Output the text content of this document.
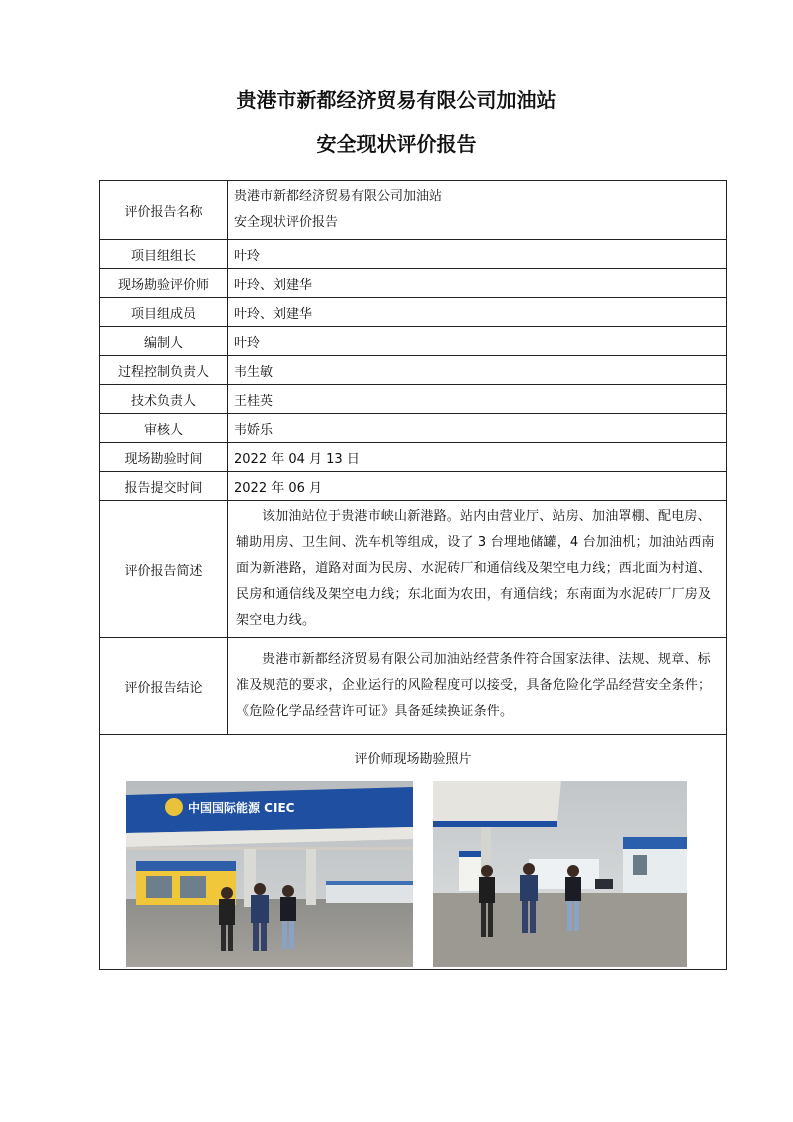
贵港市新都经济贸易有限公司加油站
安全现状评价报告
评价报告名称	贵港市新都经济贸易有限公司加油站
安全现状评价报告

项目组组长	叶玲
现场勘验评价师	叶玲、刘建华
项目组成员	叶玲、刘建华
编制人	叶玲
过程控制负责人	韦生敏
技术负责人	王桂英
审核人	韦娇乐
现场勘验时间	2022 年 04 月 13 日
报告提交时间	2022 年 06 月
评价报告简述	该加油站位于贵港市峡山新港路。站内由营业厅、站房、加油罩棚、配电房、辅助用房、卫生间、洗车机等组成，设了 3 台埋地储罐，4 台加油机；加油站西南面为新港路，道路对面为民房、水泥砖厂和通信线及架空电力线；西北面为村道、民房和通信线及架空电力线；东北面为农田，有通信线；东南面为水泥砖厂厂房及架空电力线。

评价报告结论	贵港市新都经济贸易有限公司加油站经营条件符合国家法律、法规、规章、标准及规范的要求，企业运行的风险程度可以接受，具备危险化学品经营安全条件；《危险化学品经营许可证》具备延续换证条件。

评价师现场勘验照片
中国国际能源 CIEC	
